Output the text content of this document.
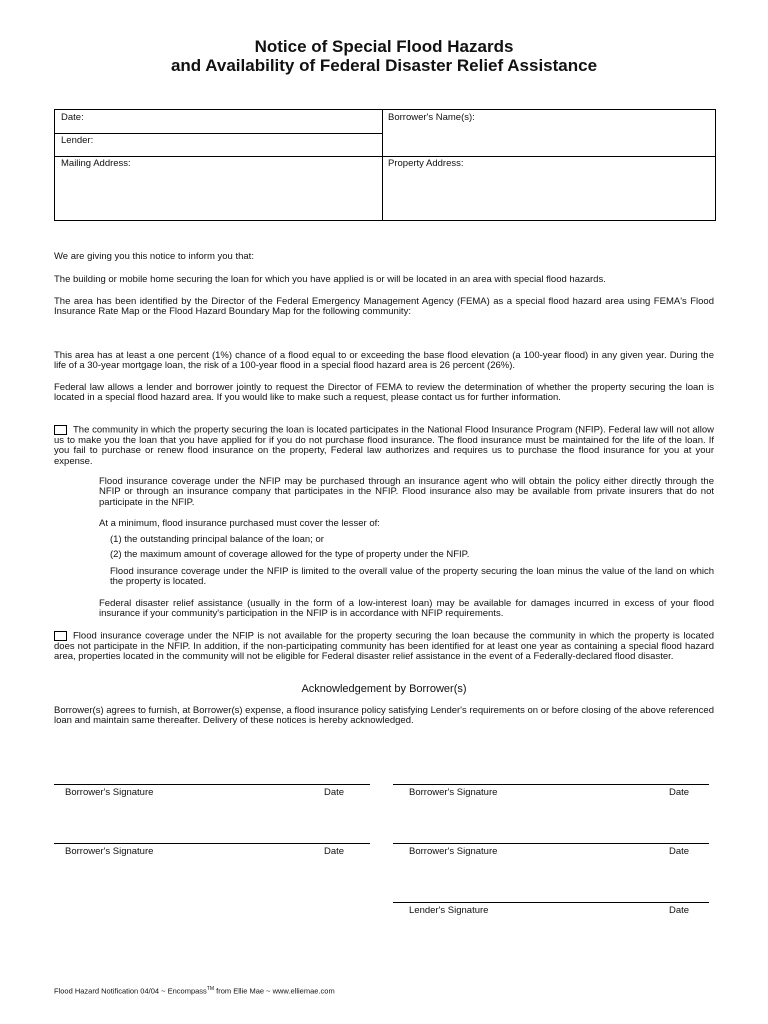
Notice of Special Flood Hazards
and Availability of Federal Disaster Relief Assistance
Date:	Borrower's Name(s):
Lender:
Mailing Address:	Property Address:
We are giving you this notice to inform you that:
The building or mobile home securing the loan for which you have applied is or will be located in an area with special flood hazards.
The area has been identified by the Director of the Federal Emergency Management Agency (FEMA) as a special flood hazard area using FEMA's Flood Insurance Rate Map or the Flood Hazard Boundary Map for the following community:
This area has at least a one percent (1%) chance of a flood equal to or exceeding the base flood elevation (a 100-year flood) in any given year. During the life of a 30-year mortgage loan, the risk of a 100-year flood in a special flood hazard area is 26 percent (26%).
Federal law allows a lender and borrower jointly to request the Director of FEMA to review the determination of whether the property securing the loan is located in a special flood hazard area. If you would like to make such a request, please contact us for further information.
The community in which the property securing the loan is located participates in the National Flood Insurance Program (NFIP). Federal law will not allow us to make you the loan that you have applied for if you do not purchase flood insurance. The flood insurance must be maintained for the life of the loan. If you fail to purchase or renew flood insurance on the property, Federal law authorizes and requires us to purchase the flood insurance for you at your expense.
Flood insurance coverage under the NFIP may be purchased through an insurance agent who will obtain the policy either directly through the NFIP or through an insurance company that participates in the NFIP. Flood insurance also may be available from private insurers that do not participate in the NFIP.
At a minimum, flood insurance purchased must cover the lesser of:
(1) the outstanding principal balance of the loan; or
(2) the maximum amount of coverage allowed for the type of property under the NFIP.
Flood insurance coverage under the NFIP is limited to the overall value of the property securing the loan minus the value of the land on which the property is located.
Federal disaster relief assistance (usually in the form of a low-interest loan) may be available for damages incurred in excess of your flood insurance if your community's participation in the NFIP is in accordance with NFIP requirements.
Flood insurance coverage under the NFIP is not available for the property securing the loan because the community in which the property is located does not participate in the NFIP. In addition, if the non-participating community has been identified for at least one year as containing a special flood hazard area, properties located in the community will not be eligible for Federal disaster relief assistance in the event of a Federally-declared flood disaster.
Acknowledgement by Borrower(s)
Borrower(s) agrees to furnish, at Borrower(s) expense, a flood insurance policy satisfying Lender's requirements on or before closing of the above referenced loan and maintain same thereafter. Delivery of these notices is hereby acknowledged.
Borrower's Signature	Date	Borrower's Signature	Date
Borrower's Signature	Date	Borrower's Signature	Date
Lender's Signature	Date
Flood Hazard Notification 04/04 ~ Encompass™ from Ellie Mae ~ www.elliemae.com
